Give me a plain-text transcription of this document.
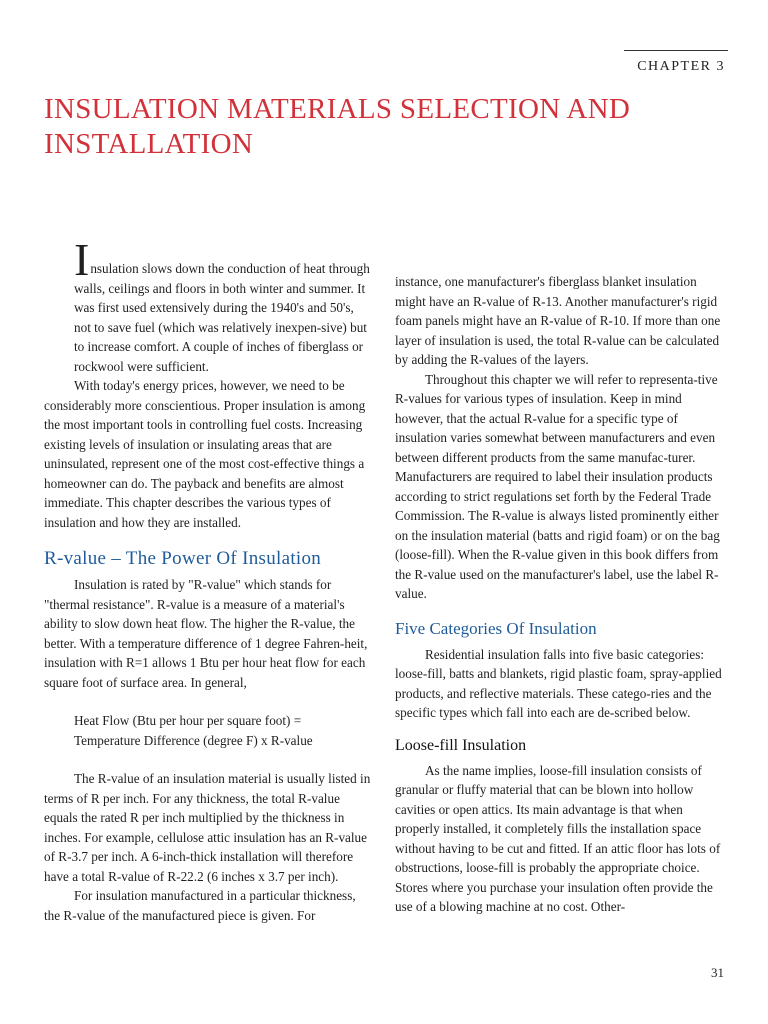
CHAPTER 3
INSULATION MATERIALS SELECTION AND INSTALLATION

Insulation slows down the conduction of heat through walls, ceilings and floors in both winter and summer. It was first used extensively during the 1940's and 50's, not to save fuel (which was relatively inexpen-sive) but to increase comfort. A couple of inches of fiberglass or rockwool were sufficient.

With today's energy prices, however, we need to be considerably more conscientious. Proper insulation is among the most important tools in controlling fuel costs. Increasing existing levels of insulation or insulating areas that are uninsulated, represent one of the most cost-effective things a homeowner can do. The payback and benefits are almost immediate. This chapter describes the various types of insulation and how they are installed.

R-value – The Power Of Insulation

Insulation is rated by "R-value" which stands for "thermal resistance". R-value is a measure of a material's ability to slow down heat flow. The higher the R-value, the better. With a temperature difference of 1 degree Fahren-heit, insulation with R=1 allows 1 Btu per hour heat flow for each square foot of surface area. In general,

Heat Flow (Btu per hour per square foot) =

Temperature Difference (degree F) x R-value

The R-value of an insulation material is usually listed in terms of R per inch. For any thickness, the total R-value equals the rated R per inch multiplied by the thickness in inches. For example, cellulose attic insulation has an R-value of R-3.7 per inch. A 6-inch-thick installation will therefore have a total R-value of R-22.2 (6 inches x 3.7 per inch).

For insulation manufactured in a particular thickness, the R-value of the manufactured piece is given. For

instance, one manufacturer's fiberglass blanket insulation might have an R-value of R-13. Another manufacturer's rigid foam panels might have an R-value of R-10. If more than one layer of insulation is used, the total R-value can be calculated by adding the R-values of the layers.

Throughout this chapter we will refer to representa-tive R-values for various types of insulation. Keep in mind however, that the actual R-value for a specific type of insulation varies somewhat between manufacturers and even between different products from the same manufac-turer. Manufacturers are required to label their insulation products according to strict regulations set forth by the Federal Trade Commission. The R-value is always listed prominently either on the insulation material (batts and rigid foam) or on the bag (loose-fill). When the R-value given in this book differs from the R-value used on the manufacturer's label, use the label R-value.

Five Categories Of Insulation

Residential insulation falls into five basic categories: loose-fill, batts and blankets, rigid plastic foam, spray-applied products, and reflective materials. These catego-ries and the specific types which fall into each are de-scribed below.

Loose-fill Insulation

As the name implies, loose-fill insulation consists of granular or fluffy material that can be blown into hollow cavities or open attics. Its main advantage is that when properly installed, it completely fills the installation space without having to be cut and fitted. If an attic floor has lots of obstructions, loose-fill is probably the appropriate choice. Stores where you purchase your insulation often provide the use of a blowing machine at no cost. Other-

31
